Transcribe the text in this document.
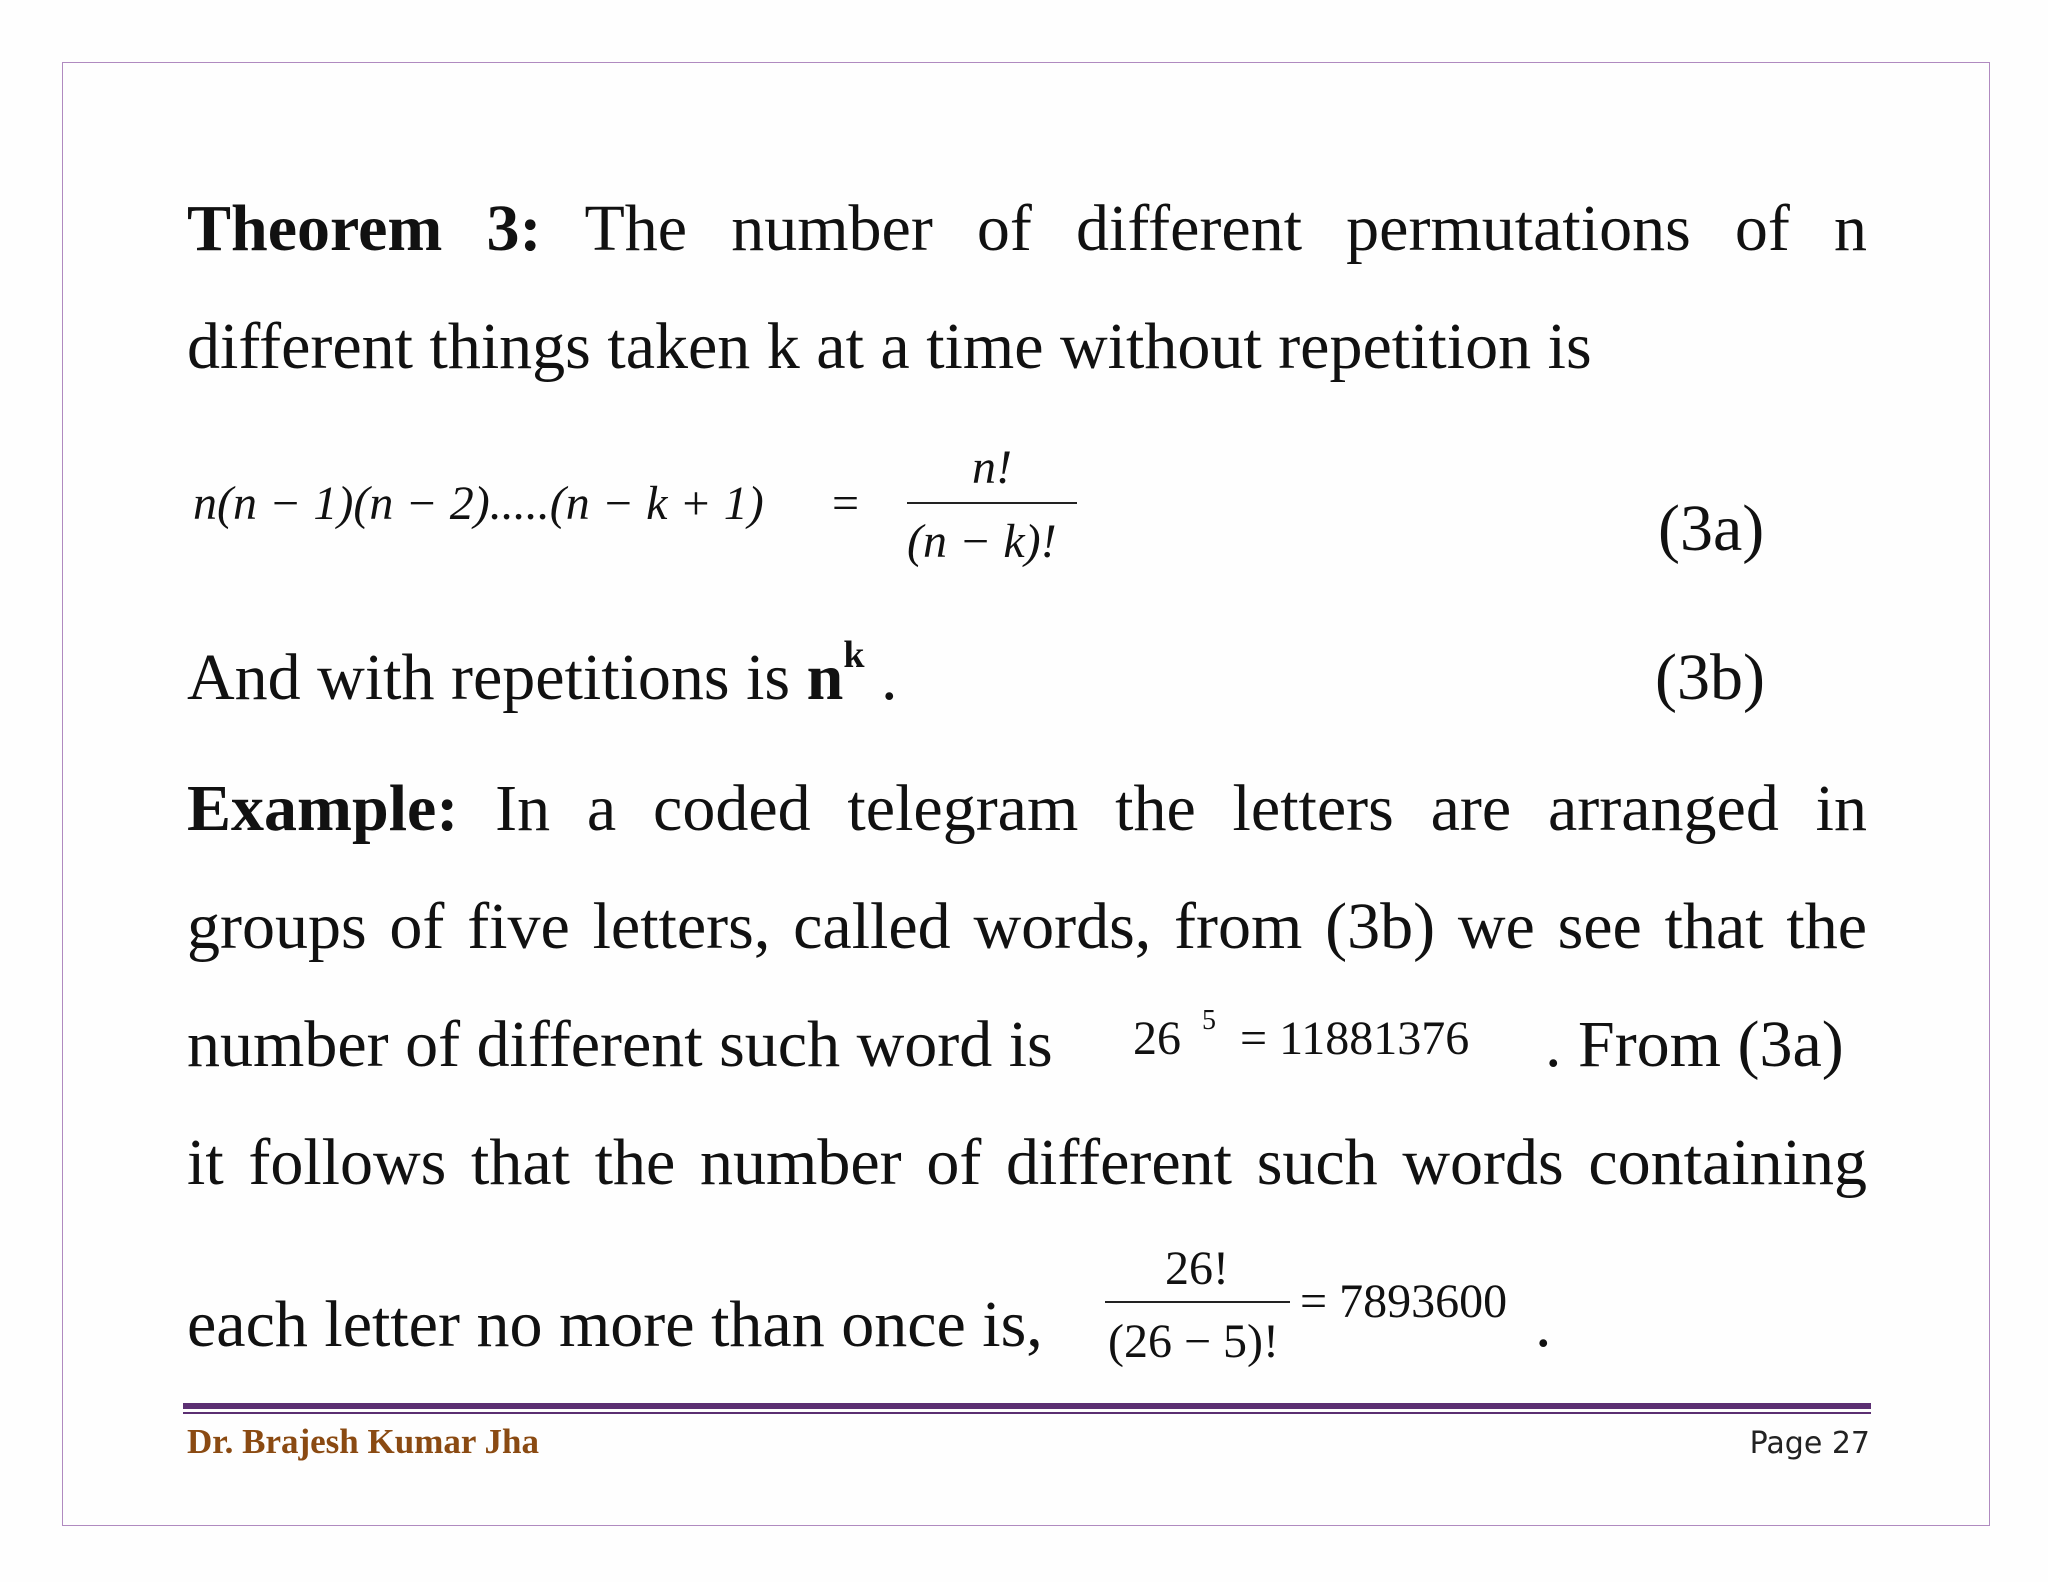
Theorem 3: The number of different permutations of n
different things taken k at a time without repetition is
n(n − 1)(n − 2).....(n − k + 1) =
n!
(n − k)!	(3a)
And with repetitions is $n^k$ .	(3b)
Example: In a coded telegram the letters are arranged in
groups of five letters, called words, from (3b) we see that the
number of different such word is 26 5 = 11881376 . From (3a)
it follows that the number of different such words containing
each letter no more than once is,
26!
(26 − 5)!
= 7893600 .
Dr. Brajesh Kumar Jha	Page 27
